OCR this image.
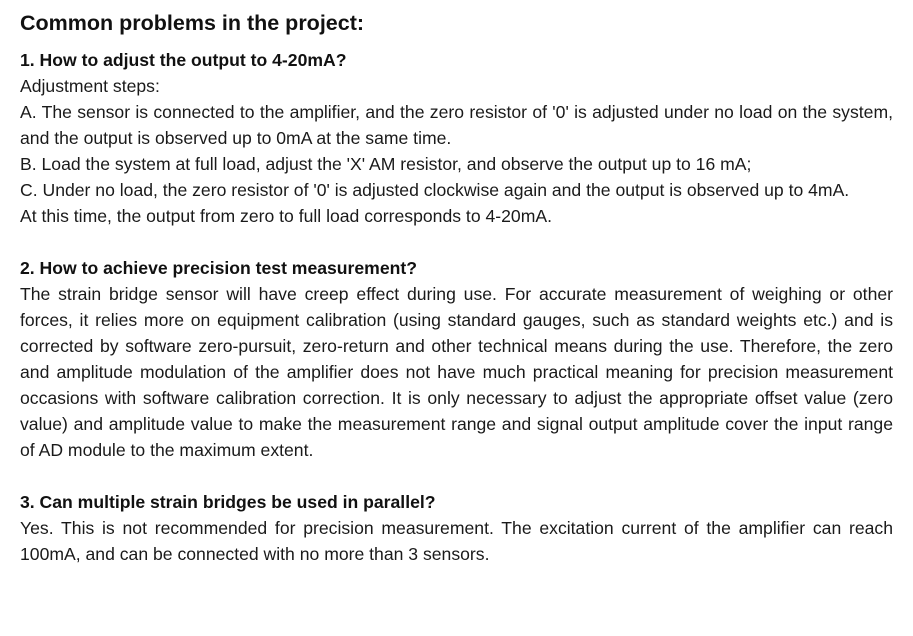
Common problems in the project:
1. How to adjust the output to 4-20mA?

Adjustment steps:

A. The sensor is connected to the amplifier, and the zero resistor of '0' is adjusted under no load on the system, and the output is observed up to 0mA at the same time.

B. Load the system at full load, adjust the 'X' AM resistor, and observe the output up to 16 mA;

C. Under no load, the zero resistor of '0' is adjusted clockwise again and the output is observed up to 4mA.

At this time, the output from zero to full load corresponds to 4-20mA.

2. How to achieve precision test measurement?

The strain bridge sensor will have creep effect during use. For accurate measurement of weighing or other forces, it relies more on equipment calibration (using standard gauges, such as standard weights etc.) and is corrected by software zero-pursuit, zero-return and other technical means during the use. Therefore, the zero and amplitude modulation of the amplifier does not have much practical meaning for precision measurement occasions with software calibration correction. It is only necessary to adjust the appropriate offset value (zero value) and amplitude value to make the measurement range and signal output amplitude cover the input range of AD module to the maximum extent.

3. Can multiple strain bridges be used in parallel?

Yes. This is not recommended for precision measurement. The excitation current of the amplifier can reach 100mA, and can be connected with no more than 3 sensors.
